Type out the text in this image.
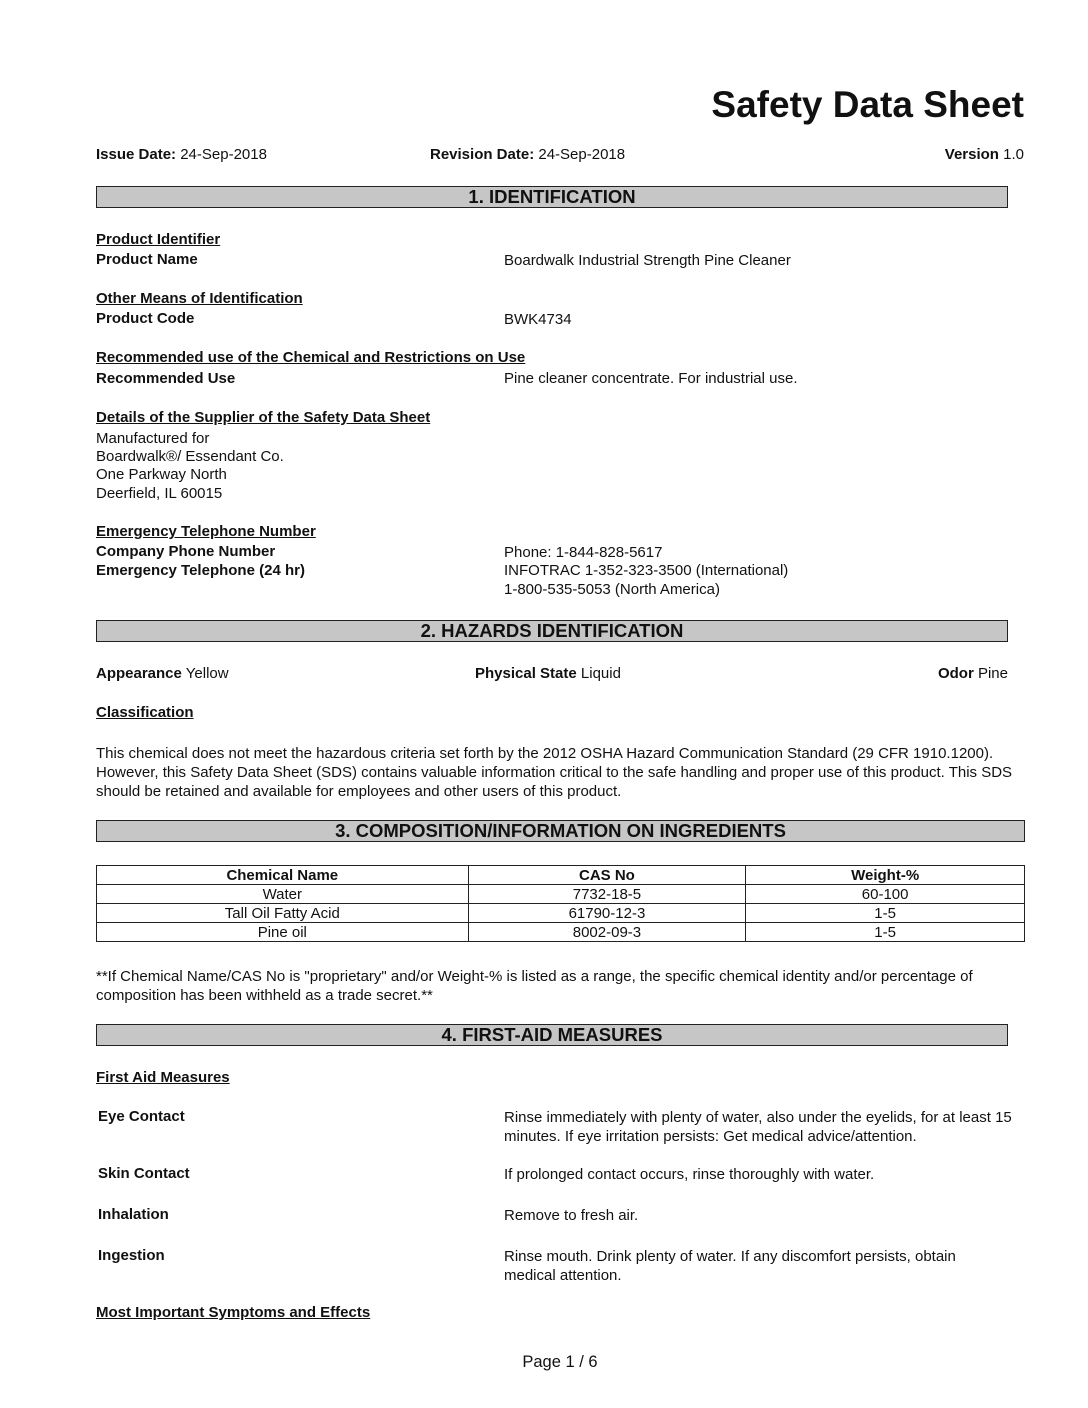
Safety Data Sheet
Issue Date: 24-Sep-2018	Revision Date: 24-Sep-2018	Version 1.0
1. IDENTIFICATION
Product Identifier
Product Name	Boardwalk Industrial Strength Pine Cleaner
Other Means of Identification
Product Code	BWK4734
Recommended use of the Chemical and Restrictions on Use
Recommended Use	Pine cleaner concentrate. For industrial use.
Details of the Supplier of the Safety Data Sheet
Manufactured for
Boardwalk®/ Essendant Co.
One Parkway North
Deerfield, IL 60015
Emergency Telephone Number
Company Phone Number	Phone: 1-844-828-5617
Emergency Telephone (24 hr)	INFOTRAC 1-352-323-3500 (International)
1-800-535-5053 (North America)
2. HAZARDS IDENTIFICATION
Appearance Yellow	Physical State Liquid	Odor Pine
Classification
This chemical does not meet the hazardous criteria set forth by the 2012 OSHA Hazard Communication Standard (29 CFR 1910.1200). However, this Safety Data Sheet (SDS) contains valuable information critical to the safe handling and proper use of this product. This SDS should be retained and available for employees and other users of this product.
3. COMPOSITION/INFORMATION ON INGREDIENTS
Chemical Name	CAS No	Weight-%
Water	7732-18-5	60-100
Tall Oil Fatty Acid	61790-12-3	1-5
Pine oil	8002-09-3	1-5
**If Chemical Name/CAS No is "proprietary" and/or Weight-% is listed as a range, the specific chemical identity and/or percentage of composition has been withheld as a trade secret.**
4. FIRST-AID MEASURES
First Aid Measures
Eye Contact	Rinse immediately with plenty of water, also under the eyelids, for at least 15 minutes. If eye irritation persists: Get medical advice/attention.
Skin Contact	If prolonged contact occurs, rinse thoroughly with water.
Inhalation	Remove to fresh air.
Ingestion	Rinse mouth. Drink plenty of water. If any discomfort persists, obtain medical attention.
Most Important Symptoms and Effects
Page 1 / 6
